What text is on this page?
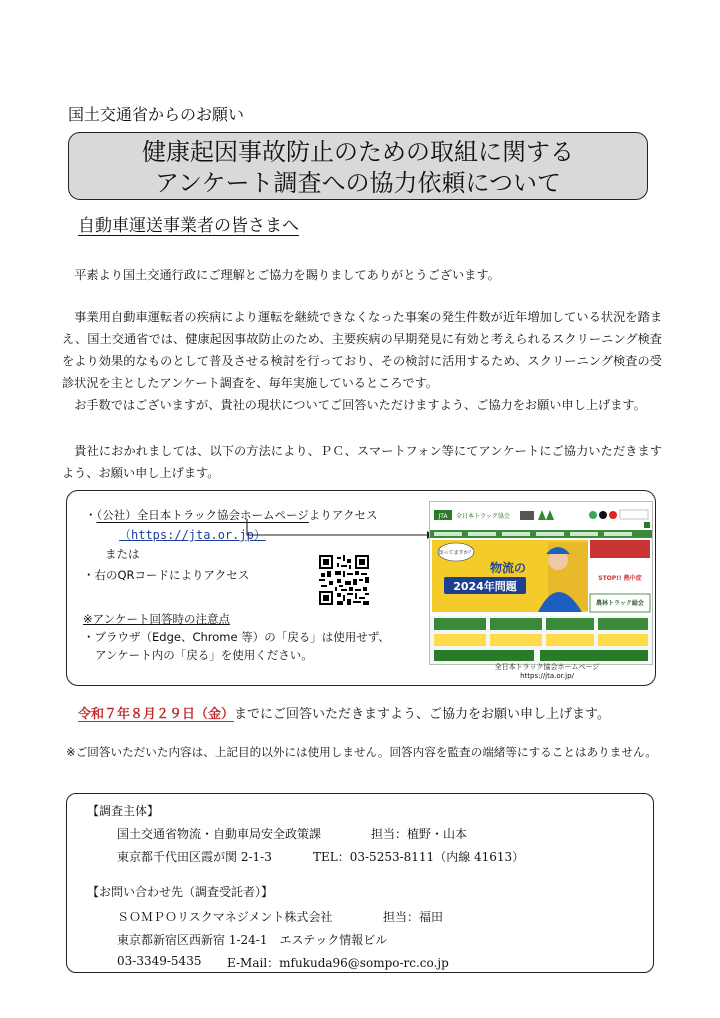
国土交通省からのお願い
健康起因事故防止のための取組に関する
アンケート調査への協力依頼について
自動車運送事業者の皆さまへ
　平素より国土交通行政にご理解とご協力を賜りましてありがとうございます。
　事業用自動車運転者の疾病により運転を継続できなくなった事案の発生件数が近年増加している状況を踏まえ、国土交通省では、健康起因事故防止のため、主要疾病の早期発見に有効と考えられるスクリーニング検査をより効果的なものとして普及させる検討を行っており、その検討に活用するため、スクリーニング検査の受診状況を主としたアンケート調査を、毎年実施しているところです。
　お手数ではございますが、貴社の現状についてご回答いただけますよう、ご協力をお願い申し上げます。
　貴社におかれましては、以下の方法により、ＰＣ、スマートフォン等にてアンケートにご協力いただきますよう、お願い申し上げます。
・（公社）全日本トラック協会ホームページよりアクセス
（https://jta.or.jp）
または
・右のQRコードによりアクセス
※アンケート回答時の注意点
・ブラウザ（Edge、Chrome 等）の「戻る」は使用せず、
アンケート内の「戻る」を使用ください。
JTA 全日本トラック協会
知ってますか？
物流の
2024年問題
STOP!! 熱中症
農林トラック総会
全日本トラック協会ホームページ
https://jta.or.jp/
令和７年８月２９日（金）までにご回答いただきますよう、ご協力をお願い申し上げます。
※ご回答いただいた内容は、上記目的以外には使用しません。回答内容を監査の端緒等にすることはありません。
【調査主体】
国土交通省物流・自動車局安全政策課	担当：植野・山本
東京都千代田区霞が関 2-1-3	TEL：03-5253-8111（内線 41613）
【お問い合わせ先（調査受託者）】
ＳＯＭＰＯリスクマネジメント株式会社	担当：福田
東京都新宿区西新宿 1-24-1　エステック情報ビル
03-3349-5435 E-Mail：mfukuda96@sompo-rc.co.jp
